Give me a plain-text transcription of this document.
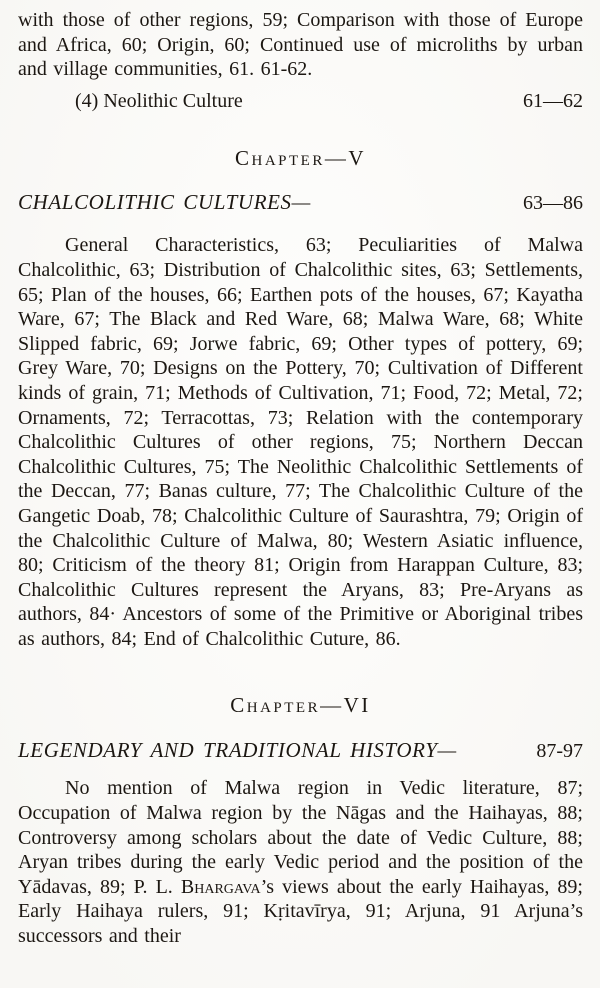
with those of other regions, 59; Comparison with those of Europe and Africa, 60; Origin, 60; Continued use of microliths by urban and village communities, 61. 61-62.

(4) Neolithic Culture	61—62
Chapter—V
CHALCOLITHIC CULTURES—	63—86

General Characteristics, 63; Peculiarities of Malwa Chalcolithic, 63; Distribution of Chalcolithic sites, 63; Settlements, 65; Plan of the houses, 66; Earthen pots of the houses, 67; Kayatha Ware, 67; The Black and Red Ware, 68; Malwa Ware, 68; White Slipped fabric, 69; Jorwe fabric, 69; Other types of pottery, 69; Grey Ware, 70; Designs on the Pottery, 70; Cultivation of Different kinds of grain, 71; Methods of Cultivation, 71; Food, 72; Metal, 72; Ornaments, 72; Terracottas, 73; Relation with the contemporary Chalcolithic Cultures of other regions, 75; Northern Deccan Chalcolithic Cultures, 75; The Neolithic Chalcolithic Settlements of the Deccan, 77; Banas culture, 77; The Chalcolithic Culture of the Gangetic Doab, 78; Chalcolithic Culture of Saurashtra, 79; Origin of the Chalcolithic Culture of Malwa, 80; Western Asiatic influence, 80; Criticism of the theory 81; Origin from Harappan Culture, 83; Chalcolithic Cultures represent the Aryans, 83; Pre-Aryans as authors, 84· Ancestors of some of the Primitive or Aboriginal tribes as authors, 84; End of Chalcolithic Cuture, 86.

Chapter—VI
LEGENDARY AND TRADITIONAL HISTORY—	87-97

No mention of Malwa region in Vedic literature, 87; Occupation of Malwa region by the Nāgas and the Haihayas, 88; Controversy among scholars about the date of Vedic Culture, 88; Aryan tribes during the early Vedic period and the position of the Yādavas, 89; P. L. Bhargava’s views about the early Haihayas, 89; Early Haihaya rulers, 91; Kṛitavīrya, 91; Arjuna, 91 Arjuna’s successors and their
